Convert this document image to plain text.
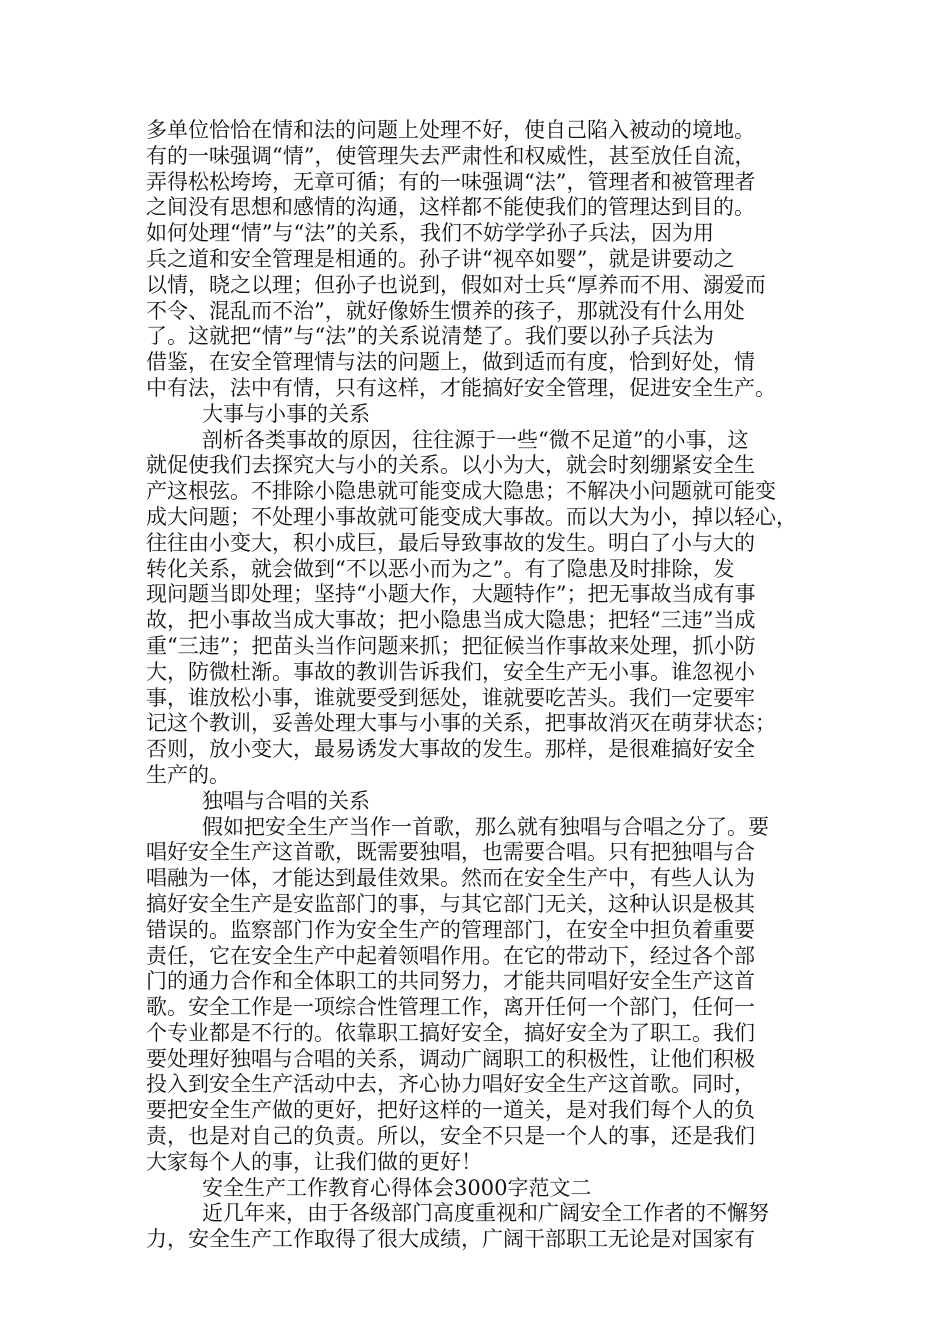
多单位恰恰在情和法的问题上处理不好，使自己陷入被动的境地。
有的一味强调“情”，使管理失去严肃性和权威性，甚至放任自流，
弄得松松垮垮，无章可循；有的一味强调“法”，管理者和被管理者
之间没有思想和感情的沟通，这样都不能使我们的管理达到目的。
如何处理“情”与“法”的关系，我们不妨学学孙子兵法，因为用
兵之道和安全管理是相通的。孙子讲“视卒如婴”，就是讲要动之
以情，晓之以理；但孙子也说到，假如对士兵“厚养而不用、溺爱而
不令、混乱而不治”，就好像娇生惯养的孩子，那就没有什么用处
了。这就把“情”与“法”的关系说清楚了。我们要以孙子兵法为
借鉴，在安全管理情与法的问题上，做到适而有度，恰到好处，情
中有法，法中有情，只有这样，才能搞好安全管理，促进安全生产。
大事与小事的关系
剖析各类事故的原因，往往源于一些“微不足道”的小事，这
就促使我们去探究大与小的关系。以小为大，就会时刻绷紧安全生
产这根弦。不排除小隐患就可能变成大隐患；不解决小问题就可能变
成大问题；不处理小事故就可能变成大事故。而以大为小，掉以轻心，
往往由小变大，积小成巨，最后导致事故的发生。明白了小与大的
转化关系，就会做到“不以恶小而为之”。有了隐患及时排除，发
现问题当即处理；坚持“小题大作，大题特作”；把无事故当成有事
故，把小事故当成大事故；把小隐患当成大隐患；把轻“三违”当成
重“三违”；把苗头当作问题来抓；把征候当作事故来处理，抓小防
大，防微杜渐。事故的教训告诉我们，安全生产无小事。谁忽视小
事，谁放松小事，谁就要受到惩处，谁就要吃苦头。我们一定要牢
记这个教训，妥善处理大事与小事的关系，把事故消灭在萌芽状态；
否则，放小变大，最易诱发大事故的发生。那样，是很难搞好安全
生产的。
独唱与合唱的关系
假如把安全生产当作一首歌，那么就有独唱与合唱之分了。要
唱好安全生产这首歌，既需要独唱，也需要合唱。只有把独唱与合
唱融为一体，才能达到最佳效果。然而在安全生产中，有些人认为
搞好安全生产是安监部门的事，与其它部门无关，这种认识是极其
错误的。监察部门作为安全生产的管理部门，在安全中担负着重要
责任，它在安全生产中起着领唱作用。在它的带动下，经过各个部
门的通力合作和全体职工的共同努力，才能共同唱好安全生产这首
歌。安全工作是一项综合性管理工作，离开任何一个部门，任何一
个专业都是不行的。依靠职工搞好安全，搞好安全为了职工。我们
要处理好独唱与合唱的关系，调动广阔职工的积极性，让他们积极
投入到安全生产活动中去，齐心协力唱好安全生产这首歌。同时，
要把安全生产做的更好，把好这样的一道关，是对我们每个人的负
责，也是对自己的负责。所以，安全不只是一个人的事，还是我们
大家每个人的事，让我们做的更好！
安全生产工作教育心得体会3000字范文二
近几年来，由于各级部门高度重视和广阔安全工作者的不懈努
力，安全生产工作取得了很大成绩，广阔干部职工无论是对国家有
